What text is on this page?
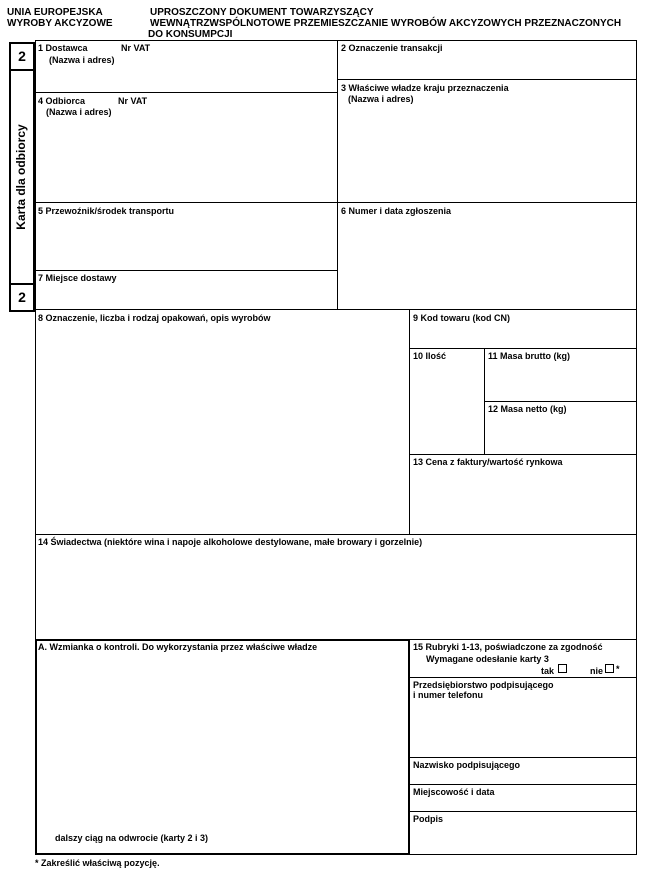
UNIA EUROPEJSKA
WYROBY AKCYZOWE
UPROSZCZONY DOKUMENT TOWARZYSZĄCY
WEWNĄTRZWSPÓLNOTOWE PRZEMIESZCZANIE WYROBÓW AKCYZOWYCH PRZEZNACZONYCH
DO KONSUMPCJI
2
2
Karta dla odbiorcy
1 Dostawca	Nr VAT
(Nazwa i adres)
2 Oznaczenie transakcji
3 Właściwe władze kraju przeznaczenia
(Nazwa i adres)
4 Odbiorca	Nr VAT
(Nazwa i adres)
5 Przewoźnik/środek transportu	6 Numer i data zgłoszenia
7 Miejsce dostawy
8 Oznaczenie, liczba i rodzaj opakowań, opis wyrobów	9 Kod towaru (kod CN)
10 Ilość	11 Masa brutto (kg)
12 Masa netto (kg)
13 Cena z faktury/wartość rynkowa
14 Świadectwa (niektóre wina i napoje alkoholowe destylowane, małe browary i gorzelnie)
A. Wzmianka o kontroli. Do wykorzystania przez właściwe władze
dalszy ciąg na odwrocie (karty 2 i 3)
15 Rubryki 1-13, poświadczone za zgodność
Wymagane odesłanie karty 3
tak	nie *
Przedsiębiorstwo podpisującego
i numer telefonu
Nazwisko podpisującego
Miejscowość i data
Podpis
* Zakreślić właściwą pozycję.
